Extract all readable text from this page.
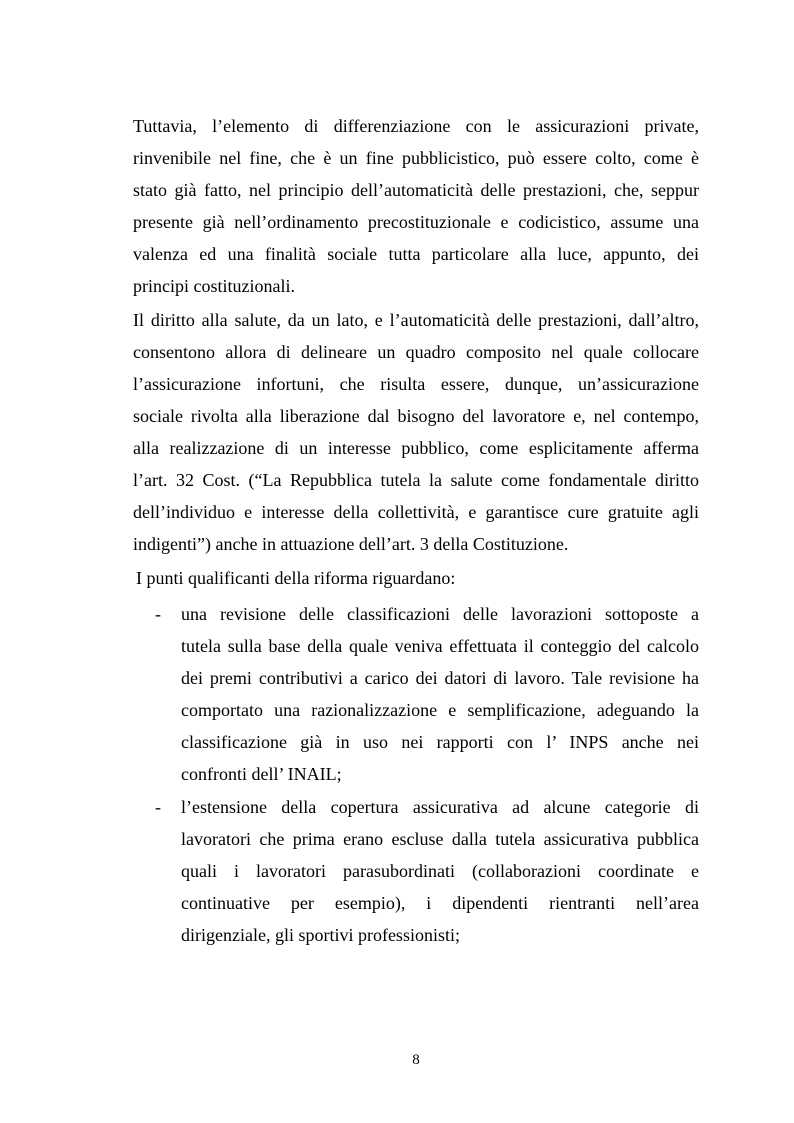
Tuttavia, l’elemento di differenziazione con le assicurazioni private,
rinvenibile nel fine, che è un fine pubblicistico, può essere colto, come è
stato già fatto, nel principio dell’automaticità delle prestazioni, che, seppur
presente già nell’ordinamento precostituzionale e codicistico, assume una
valenza ed una finalità sociale tutta particolare alla luce, appunto, dei
principi costituzionali.
Il diritto alla salute, da un lato, e l’automaticità delle prestazioni, dall’altro,
consentono allora di delineare un quadro composito nel quale collocare
l’assicurazione infortuni, che risulta essere, dunque, un’assicurazione
sociale rivolta alla liberazione dal bisogno del lavoratore e, nel contempo,
alla realizzazione di un interesse pubblico, come esplicitamente afferma
l’art. 32 Cost. (“La Repubblica tutela la salute come fondamentale diritto
dell’individuo e interesse della collettività, e garantisce cure gratuite agli
indigenti”) anche in attuazione dell’art. 3 della Costituzione.
I punti qualificanti della riforma riguardano:
- una revisione delle classificazioni delle lavorazioni sottoposte a
tutela sulla base della quale veniva effettuata il conteggio del calcolo
dei premi contributivi a carico dei datori di lavoro. Tale revisione ha
comportato una razionalizzazione e semplificazione, adeguando la
classificazione già in uso nei rapporti con l’ INPS anche nei
confronti dell’ INAIL;
- l’estensione della copertura assicurativa ad alcune categorie di
lavoratori che prima erano escluse dalla tutela assicurativa pubblica
quali i lavoratori parasubordinati (collaborazioni coordinate e
continuative per esempio), i dipendenti rientranti nell’area
dirigenziale, gli sportivi professionisti;
8
